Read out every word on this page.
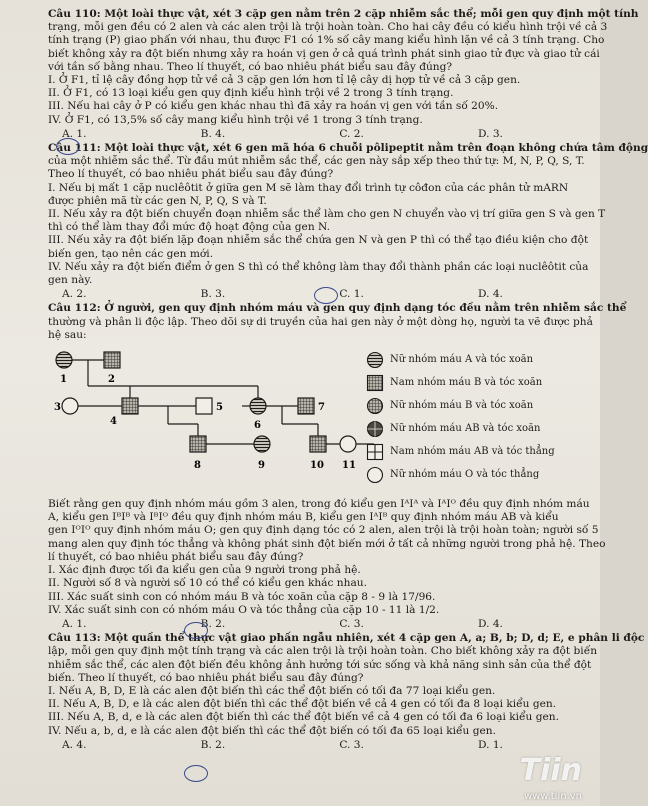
Câu 110: Một loài thực vật, xét 3 cặp gen nằm trên 2 cặp nhiễm sắc thể; mỗi gen quy định một tính
trạng, mỗi gen đều có 2 alen và các alen trội là trội hoàn toàn. Cho hai cây đều có kiểu hình trội về cả 3
tính trạng (P) giao phấn với nhau, thu được F1 có 1% số cây mang kiểu hình lặn về cả 3 tính trạng. Cho
biết không xảy ra đột biến nhưng xảy ra hoán vị gen ở cả quá trình phát sinh giao tử đực và giao tử cái
với tần số bằng nhau. Theo lí thuyết, có bao nhiêu phát biểu sau đây đúng?
I. Ở F1, tỉ lệ cây đồng hợp tử về cả 3 cặp gen lớn hơn tỉ lệ cây dị hợp tử về cả 3 cặp gen.
II. Ở F1, có 13 loại kiểu gen quy định kiểu hình trội về 2 trong 3 tính trạng.
III. Nếu hai cây ở P có kiểu gen khác nhau thì đã xảy ra hoán vị gen với tần số 20%.
IV. Ở F1, có 13,5% số cây mang kiểu hình trội về 1 trong 3 tính trạng.
A. 1.	B. 4.	C. 2.	D. 3.
Câu 111: Một loài thực vật, xét 6 gen mã hóa 6 chuỗi pôlipeptit nằm trên đoạn không chứa tâm động
của một nhiễm sắc thể. Từ đầu mút nhiễm sắc thể, các gen này sắp xếp theo thứ tự: M, N, P, Q, S, T.
Theo lí thuyết, có bao nhiêu phát biểu sau đây đúng?
I. Nếu bị mất 1 cặp nuclêôtit ở giữa gen M sẽ làm thay đổi trình tự côđon của các phân tử mARN
được phiên mã từ các gen N, P, Q, S và T.
II. Nếu xảy ra đột biến chuyển đoạn nhiễm sắc thể làm cho gen N chuyển vào vị trí giữa gen S và gen T
thì có thể làm thay đổi mức độ hoạt động của gen N.
III. Nếu xảy ra đột biến lặp đoạn nhiễm sắc thể chứa gen N và gen P thì có thể tạo điều kiện cho đột
biến gen, tạo nên các gen mới.
IV. Nếu xảy ra đột biến điểm ở gen S thì có thể không làm thay đổi thành phần các loại nuclêôtit của
gen này.
A. 2.	B. 3.	C. 1.	D. 4.
Câu 112: Ở người, gen quy định nhóm máu và gen quy định dạng tóc đều nằm trên nhiễm sắc thể
thường và phân li độc lập. Theo dõi sự di truyền của hai gen này ở một dòng họ, người ta vẽ được phả
hệ sau:
1	2
3
4
5
6
7
8	9	10 11
Nữ nhóm máu A và tóc xoăn
Nam nhóm máu B và tóc xoăn
Nữ nhóm máu B và tóc xoăn
Nữ nhóm máu AB và tóc xoăn
Nam nhóm máu AB và tóc thẳng
Nữ nhóm máu O và tóc thẳng
Biết rằng gen quy định nhóm máu gồm 3 alen, trong đó kiểu gen IᴬIᴬ và IᴬIᴼ đều quy định nhóm máu
A, kiểu gen IᴮIᴮ và IᴮIᴼ đều quy định nhóm máu B, kiểu gen IᴬIᴮ quy định nhóm máu AB và kiểu
gen IᴼIᴼ quy định nhóm máu O; gen quy định dạng tóc có 2 alen, alen trội là trội hoàn toàn; người số 5
mang alen quy định tóc thẳng và không phát sinh đột biến mới ở tất cả những người trong phả hệ. Theo
lí thuyết, có bao nhiêu phát biểu sau đây đúng?
I. Xác định được tối đa kiểu gen của 9 người trong phả hệ.
II. Người số 8 và người số 10 có thể có kiểu gen khác nhau.
III. Xác suất sinh con có nhóm máu B và tóc xoăn của cặp 8 - 9 là 17/96.
IV. Xác suất sinh con có nhóm máu O và tóc thẳng của cặp 10 - 11 là 1/2.
A. 1.	B. 2.	C. 3.	D. 4.
Câu 113: Một quần thể thực vật giao phấn ngẫu nhiên, xét 4 cặp gen A, a; B, b; D, d; E, e phân li độc
lập, mỗi gen quy định một tính trạng và các alen trội là trội hoàn toàn. Cho biết không xảy ra đột biến
nhiễm sắc thể, các alen đột biến đều không ảnh hưởng tới sức sống và khả năng sinh sản của thể đột
biến. Theo lí thuyết, có bao nhiêu phát biểu sau đây đúng?
I. Nếu A, B, D, E là các alen đột biến thì các thể đột biến có tối đa 77 loại kiểu gen.
II. Nếu A, B, D, e là các alen đột biến thì các thể đột biến về cả 4 gen có tối đa 8 loại kiểu gen.
III. Nếu A, B, d, e là các alen đột biến thì các thể đột biến về cả 4 gen có tối đa 6 loại kiểu gen.
IV. Nếu a, b, d, e là các alen đột biến thì các thể đột biến có tối đa 65 loại kiểu gen.
A. 4.	B. 2.	C. 3.	D. 1.
Tiin
www.tiin.vn
